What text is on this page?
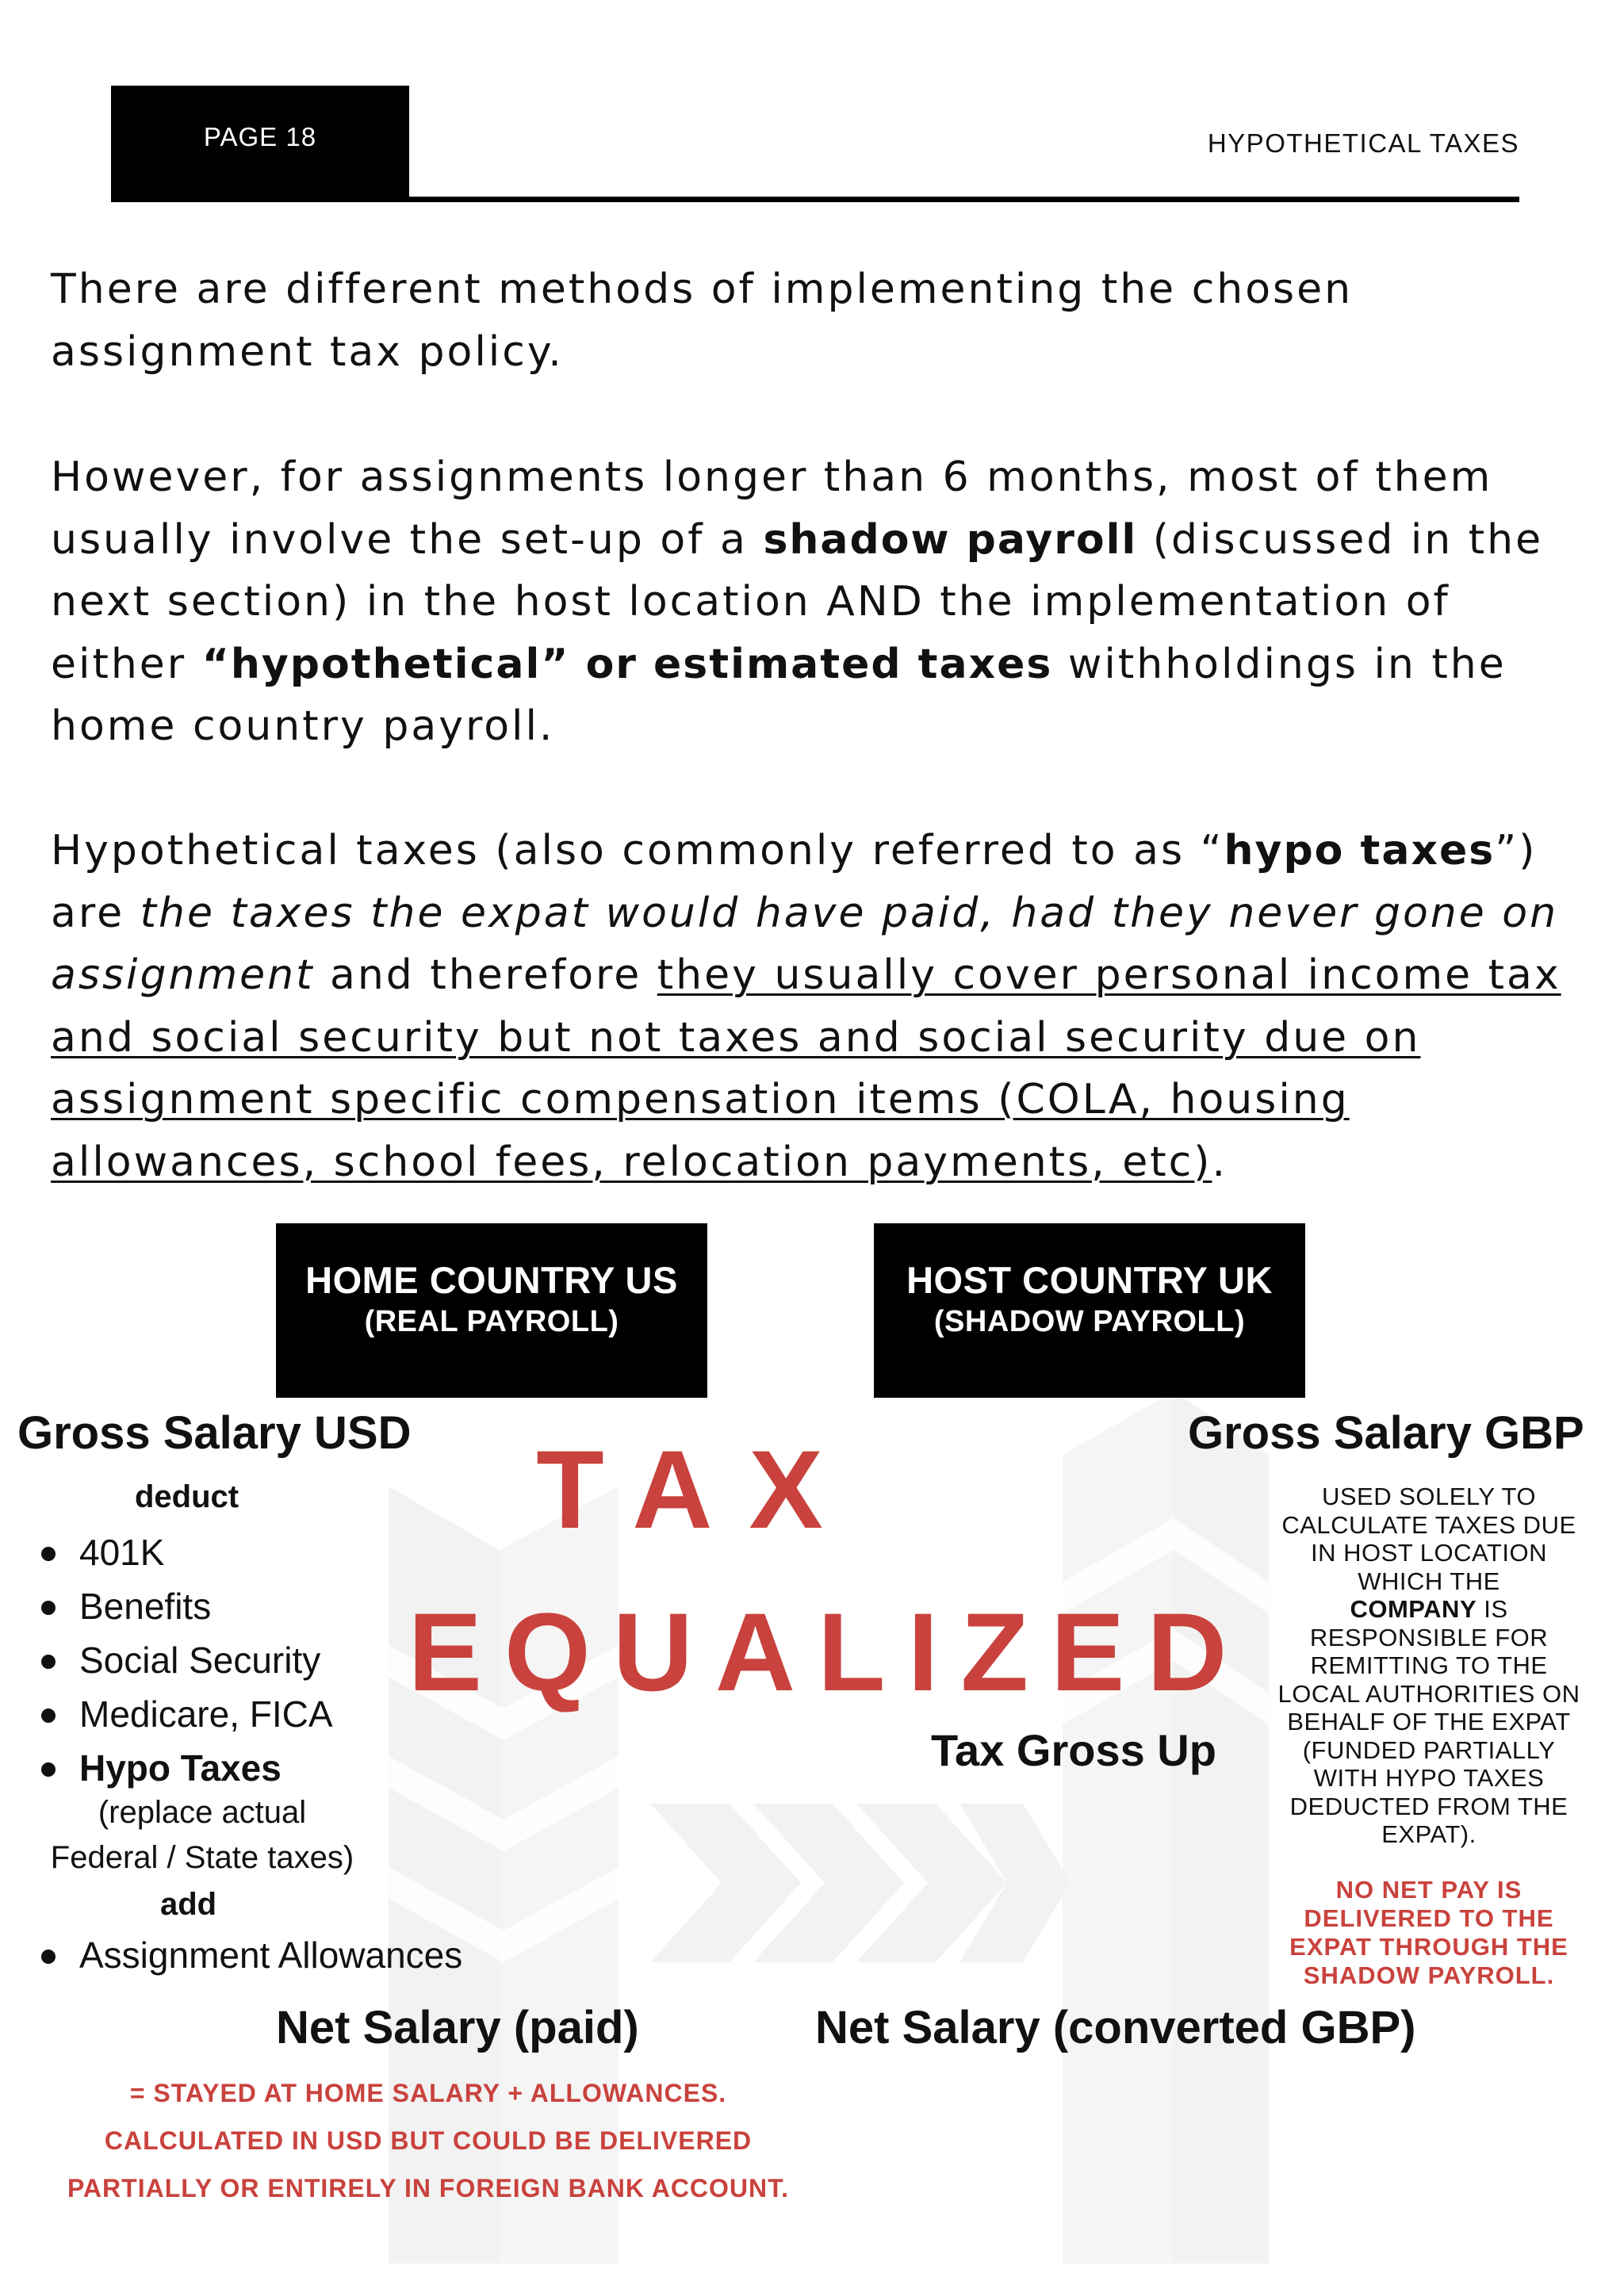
PAGE 18	HYPOTHETICAL TAXES
There are different methods of implementing the chosen assignment tax policy.
However, for assignments longer than 6 months, most of them usually involve the set-up of a shadow payroll (discussed in the next section) in the host location AND the implementation of either “hypothetical” or estimated taxes withholdings in the home country payroll.
Hypothetical taxes (also commonly referred to as “hypo taxes”) are the taxes the expat would have paid, had they never gone on assignment and therefore they usually cover personal income tax and social security but not taxes and social security due on assignment specific compensation items (COLA, housing allowances, school fees, relocation payments, etc).
HOME COUNTRY US
(REAL PAYROLL)
HOST COUNTRY UK
(SHADOW PAYROLL)
Gross Salary USD
deduct
401K
Benefits
Social Security
Medicare, FICA
Hypo Taxes
(replace actual
Federal / State taxes)
add
Assignment Allowances
TAX
EQUALIZED
Tax Gross Up
Gross Salary GBP
USED SOLELY TO
CALCULATE TAXES DUE
IN HOST LOCATION
WHICH THE
COMPANY IS
RESPONSIBLE FOR
REMITTING TO THE
LOCAL AUTHORITIES ON
BEHALF OF THE EXPAT
(FUNDED PARTIALLY
WITH HYPO TAXES
DEDUCTED FROM THE
EXPAT).
NO NET PAY IS
DELIVERED TO THE
EXPAT THROUGH THE
SHADOW PAYROLL.
Net Salary (paid)	Net Salary (converted GBP)
= STAYED AT HOME SALARY + ALLOWANCES.
CALCULATED IN USD BUT COULD BE DELIVERED
PARTIALLY OR ENTIRELY IN FOREIGN BANK ACCOUNT.
